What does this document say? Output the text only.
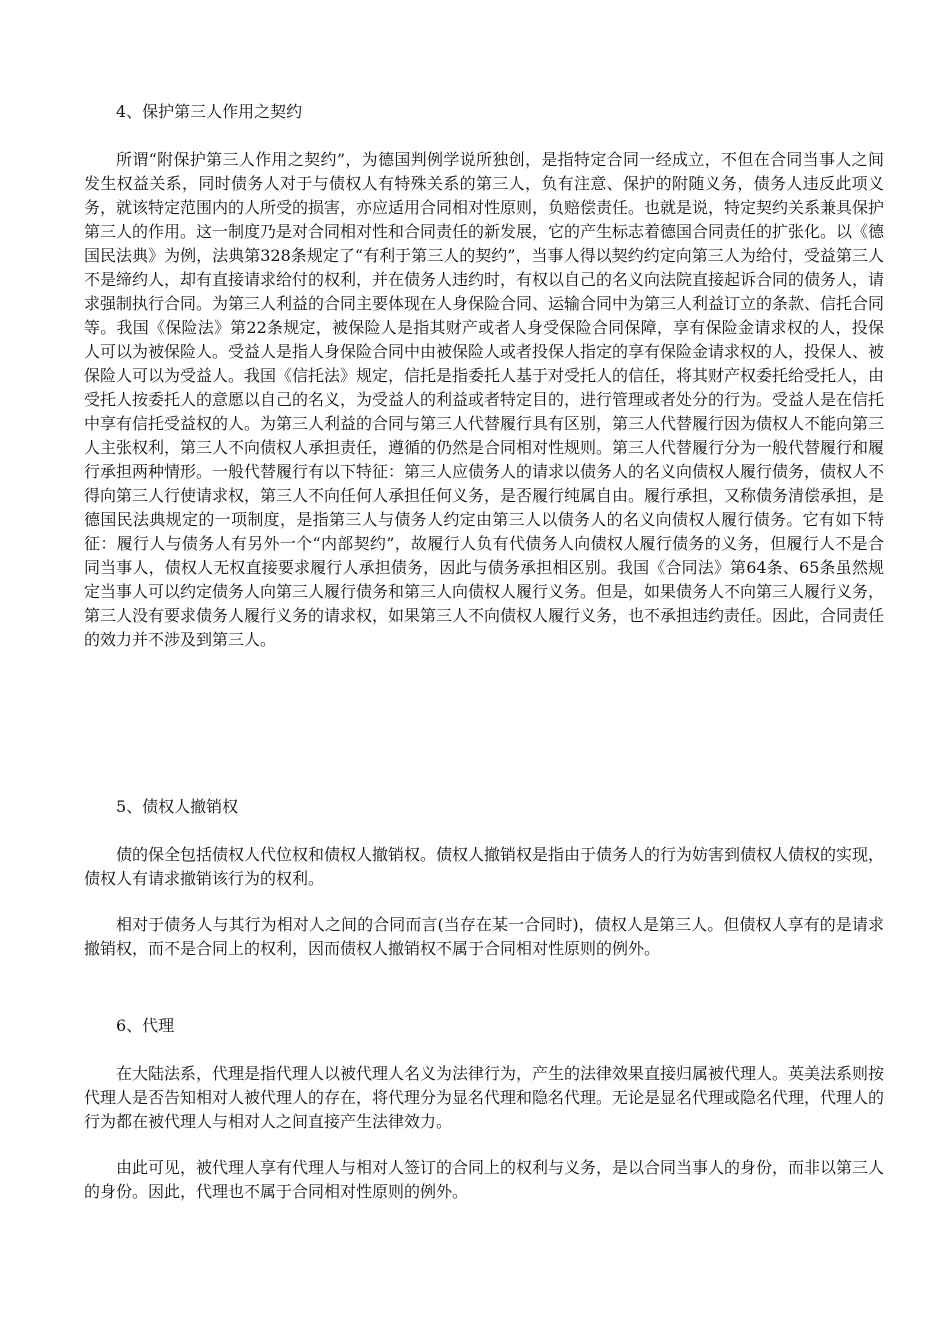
4、保护第三人作用之契约

所谓“附保护第三人作用之契约”，为德国判例学说所独创，是指特定合同一经成立，不但在合同当事人之间发生权益关系，同时债务人对于与债权人有特殊关系的第三人，负有注意、保护的附随义务，债务人违反此项义务，就该特定范围内的人所受的损害，亦应适用合同相对性原则，负赔偿责任。也就是说，特定契约关系兼具保护第三人的作用。这一制度乃是对合同相对性和合同责任的新发展，它的产生标志着德国合同责任的扩张化。以《德国民法典》为例，法典第328条规定了“有利于第三人的契约”，当事人得以契约约定向第三人为给付，受益第三人不是缔约人，却有直接请求给付的权利，并在债务人违约时，有权以自己的名义向法院直接起诉合同的债务人，请求强制执行合同。为第三人利益的合同主要体现在人身保险合同、运输合同中为第三人利益订立的条款、信托合同等。我国《保险法》第22条规定，被保险人是指其财产或者人身受保险合同保障，享有保险金请求权的人，投保人可以为被保险人。受益人是指人身保险合同中由被保险人或者投保人指定的享有保险金请求权的人，投保人、被保险人可以为受益人。我国《信托法》规定，信托是指委托人基于对受托人的信任，将其财产权委托给受托人，由受托人按委托人的意愿以自己的名义，为受益人的利益或者特定目的，进行管理或者处分的行为。受益人是在信托中享有信托受益权的人。为第三人利益的合同与第三人代替履行具有区别，第三人代替履行因为债权人不能向第三人主张权利，第三人不向债权人承担责任，遵循的仍然是合同相对性规则。第三人代替履行分为一般代替履行和履行承担两种情形。一般代替履行有以下特征：第三人应债务人的请求以债务人的名义向债权人履行债务，债权人不得向第三人行使请求权，第三人不向任何人承担任何义务，是否履行纯属自由。履行承担，又称债务清偿承担，是德国民法典规定的一项制度，是指第三人与债务人约定由第三人以债务人的名义向债权人履行债务。它有如下特征：履行人与债务人有另外一个“内部契约”，故履行人负有代债务人向债权人履行债务的义务，但履行人不是合同当事人，债权人无权直接要求履行人承担债务，因此与债务承担相区别。我国《合同法》第64条、65条虽然规定当事人可以约定债务人向第三人履行债务和第三人向债权人履行义务。但是，如果债务人不向第三人履行义务，第三人没有要求债务人履行义务的请求权，如果第三人不向债权人履行义务，也不承担违约责任。因此，合同责任的效力并不涉及到第三人。

5、债权人撤销权

债的保全包括债权人代位权和债权人撤销权。债权人撤销权是指由于债务人的行为妨害到债权人债权的实现，债权人有请求撤销该行为的权利。

相对于债务人与其行为相对人之间的合同而言(当存在某一合同时)，债权人是第三人。但债权人享有的是请求撤销权，而不是合同上的权利，因而债权人撤销权不属于合同相对性原则的例外。

6、代理

在大陆法系，代理是指代理人以被代理人名义为法律行为，产生的法律效果直接归属被代理人。英美法系则按代理人是否告知相对人被代理人的存在，将代理分为显名代理和隐名代理。无论是显名代理或隐名代理，代理人的行为都在被代理人与相对人之间直接产生法律效力。

由此可见，被代理人享有代理人与相对人签订的合同上的权利与义务，是以合同当事人的身份，而非以第三人的身份。因此，代理也不属于合同相对性原则的例外。
